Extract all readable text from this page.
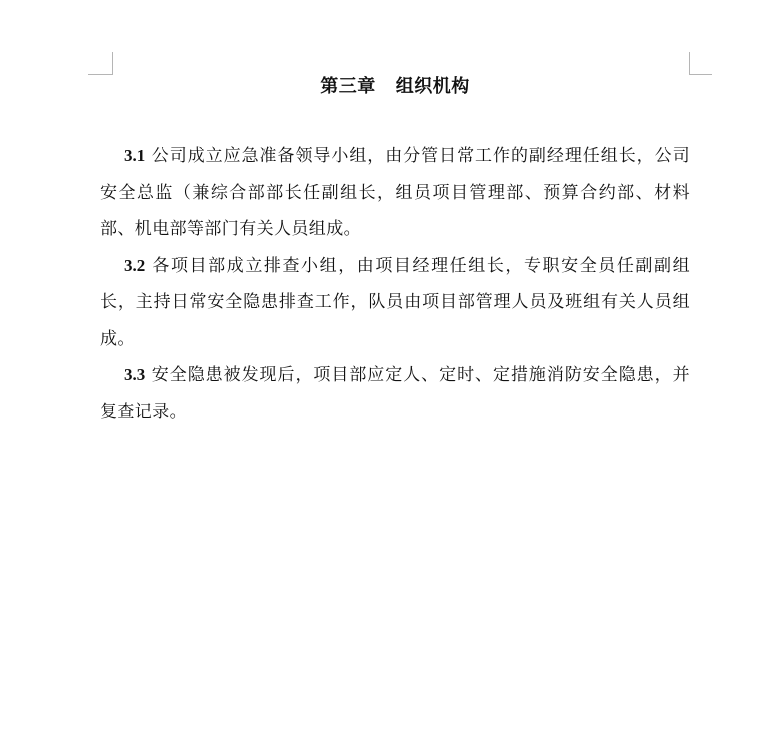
第三章 组织机构

3.1 公司成立应急准备领导小组，由分管日常工作的副经理任组长，公司安全总监（兼综合部部长任副组长，组员项目管理部、预算合约部、材料部、机电部等部门有关人员组成。

3.2 各项目部成立排查小组，由项目经理任组长，专职安全员任副副组长，主持日常安全隐患排查工作，队员由项目部管理人员及班组有关人员组成。

3.3 安全隐患被发现后，项目部应定人、定时、定措施消防安全隐患，并复查记录。
